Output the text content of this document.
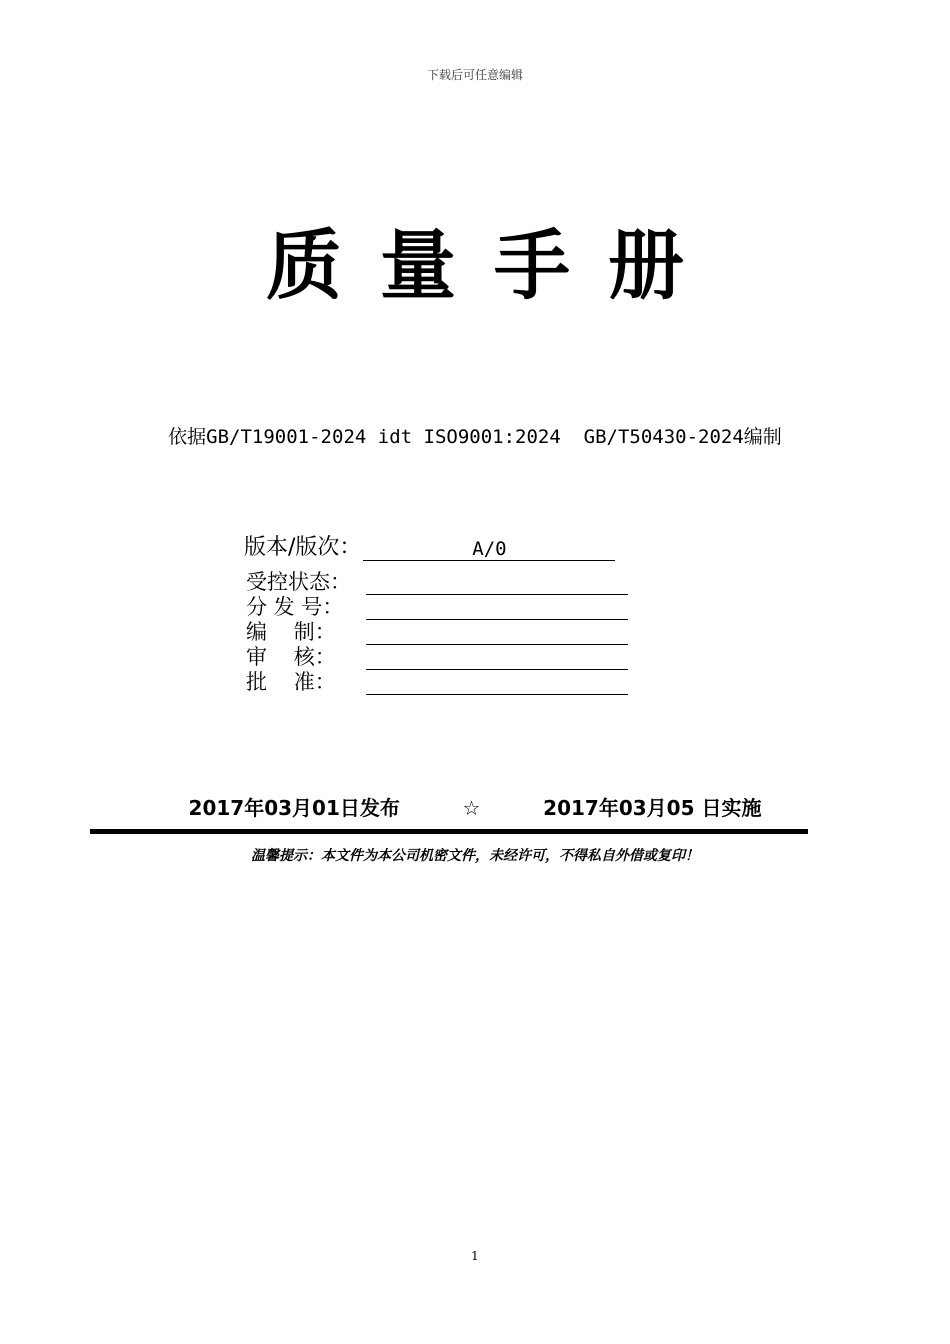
下载后可任意编辑
质量手册
依据GB/T19001-2024 idt ISO9001:2024  GB/T50430-2024编制
版本/版次：	A/0
受控状态：
分 发 号：
编    制：
审    核：
批    准：
2017年03月01日发布	☆	2017年03月05 日实施
温馨提示：本文件为本公司机密文件，未经许可，不得私自外借或复印！
1
